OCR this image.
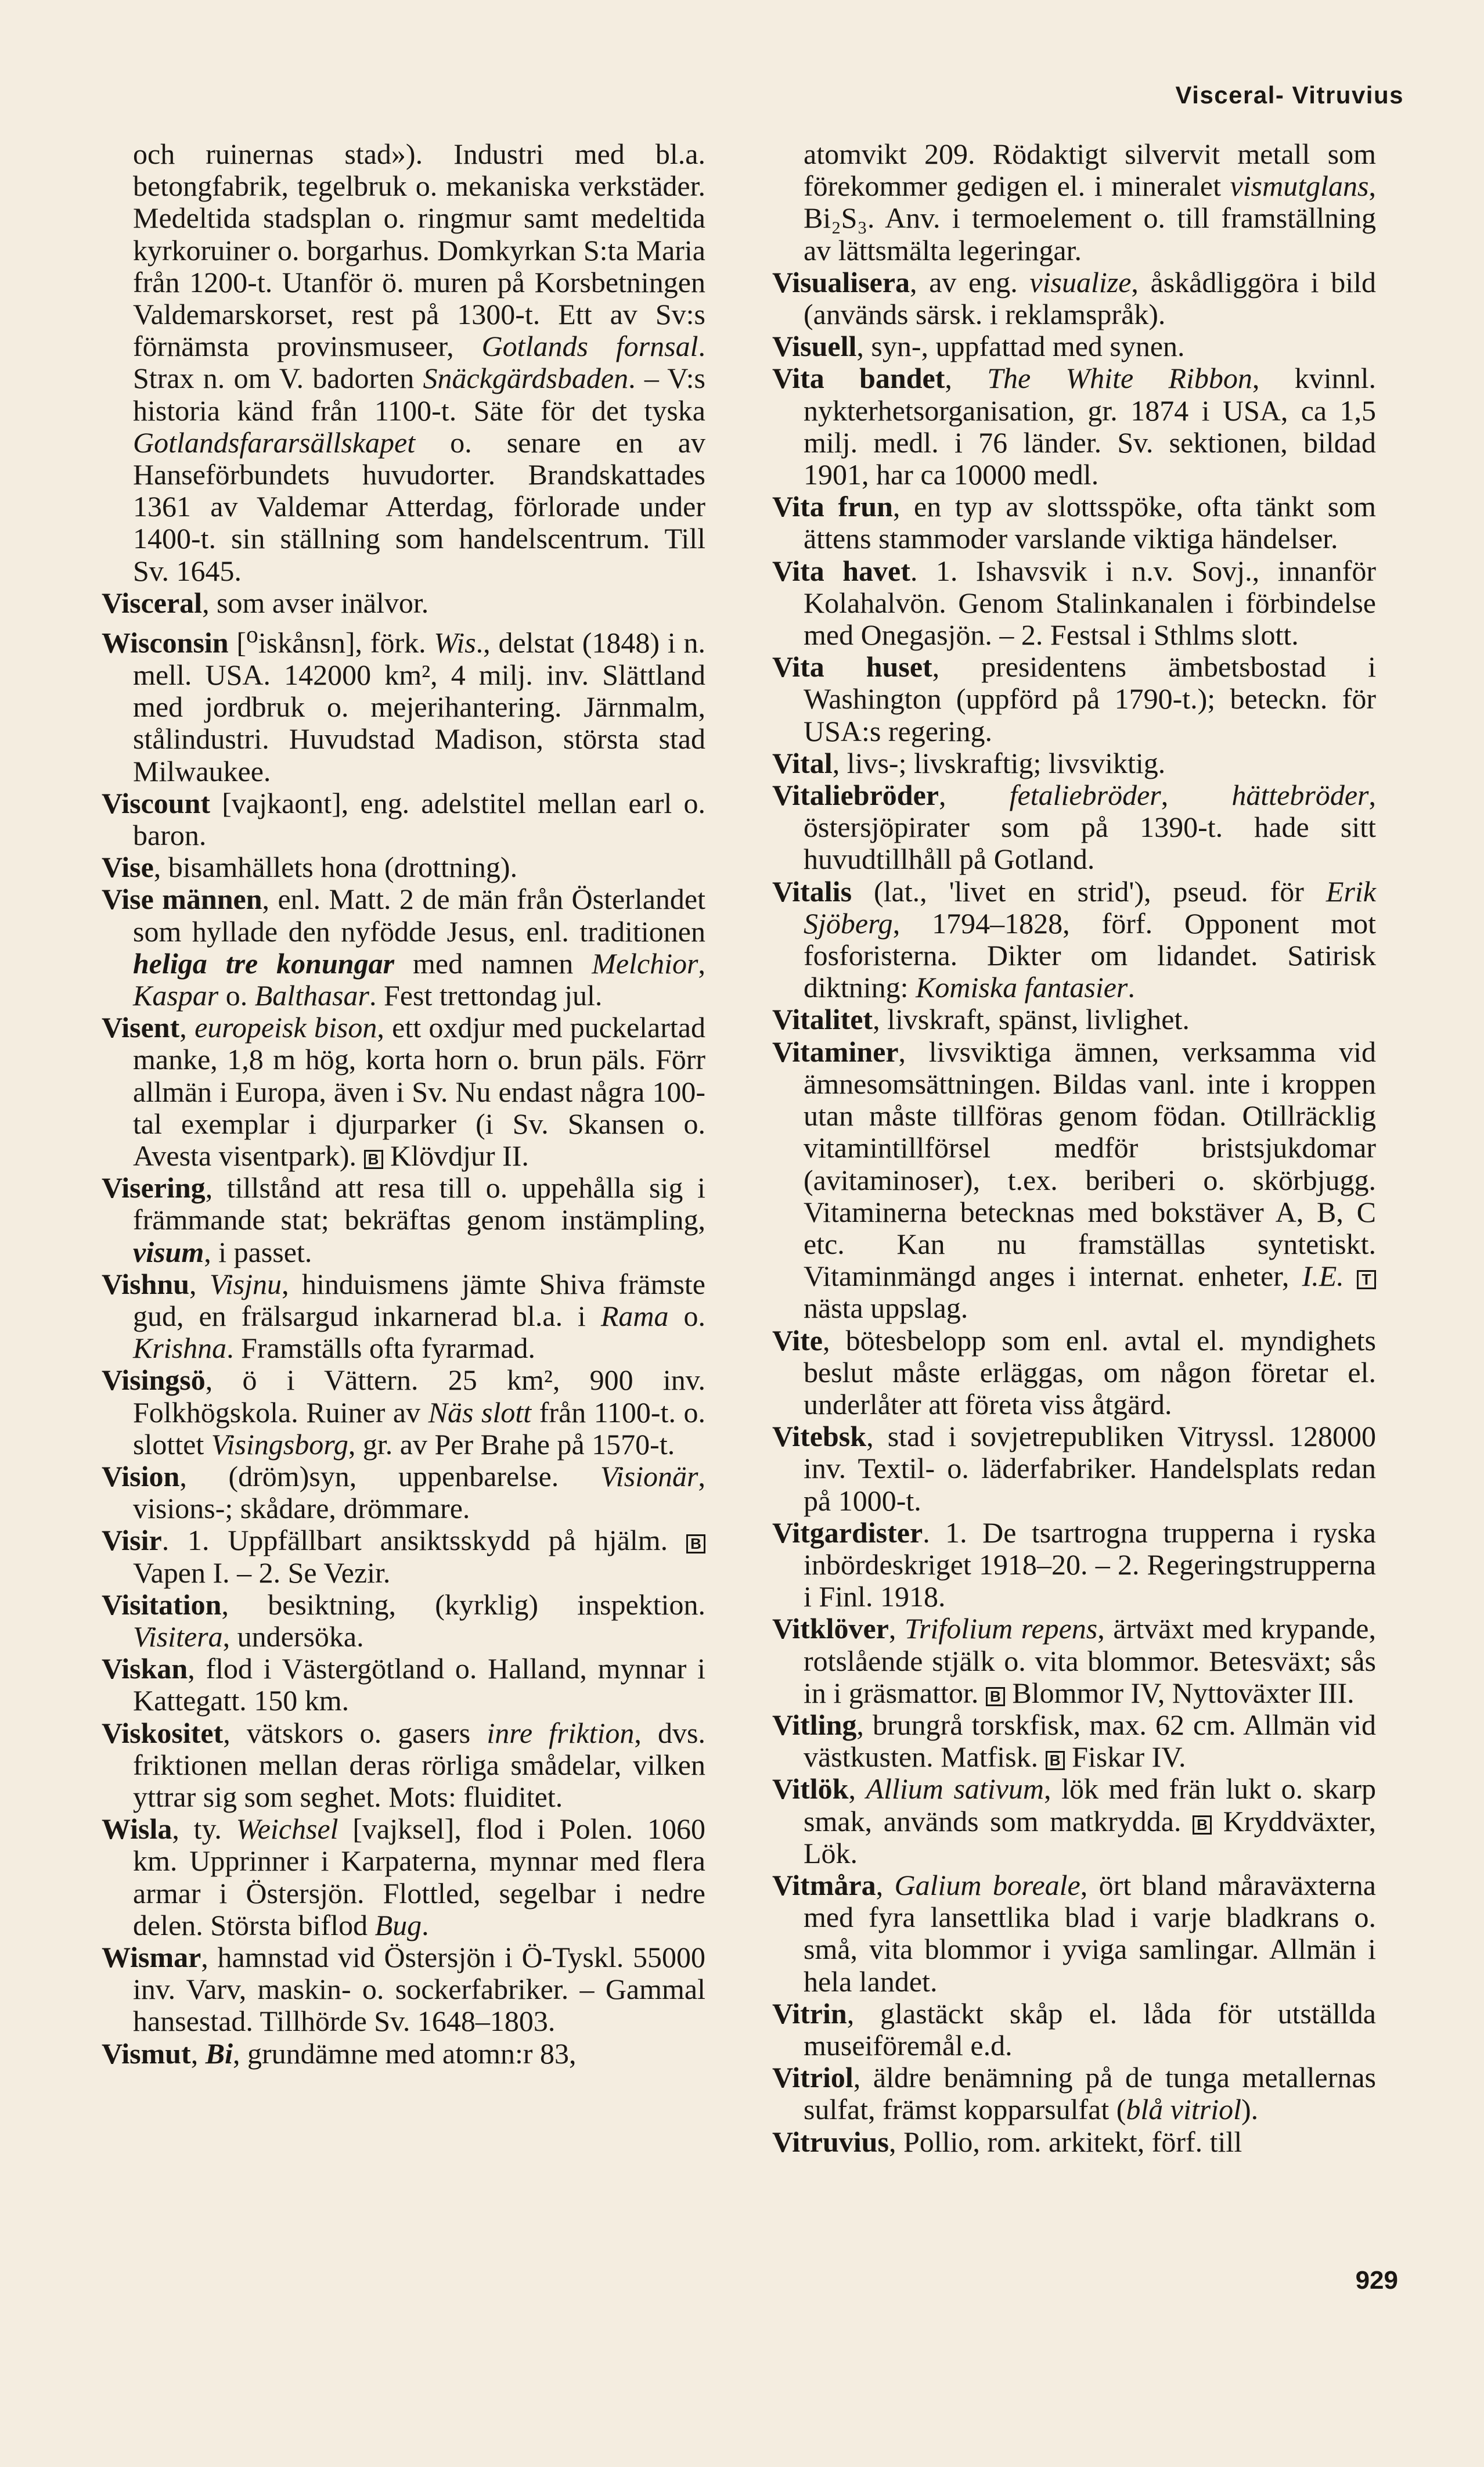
Visceral- Vitruvius

och ruinernas stad»). Industri med bl.a. betongfabrik, tegelbruk o. mekaniska verkstäder. Medeltida stadsplan o. ringmur samt medeltida kyrkoruiner o. borgarhus. Domkyrkan S:ta Maria från 1200-t. Utanför ö. muren på Korsbetningen Valdemarskorset, rest på 1300-t. Ett av Sv:s förnämsta provinsmuseer, Gotlands fornsal. Strax n. om V. badorten Snäckgärdsbaden. – V:s historia känd från 1100-t. Säte för det tyska Gotlandsfararsällskapet o. senare en av Hanseförbundets huvudorter. Brandskattades 1361 av Valdemar Atterdag, förlorade under 1400-t. sin ställning som handelscentrum. Till Sv. 1645.

Visceral, som avser inälvor.

Wisconsin [$^o$iskånsn], förk. Wis., delstat (1848) i n. mell. USA. 142000 km², 4 milj. inv. Slättland med jordbruk o. mejerihantering. Järnmalm, stålindustri. Huvudstad Madison, största stad Milwaukee.

Viscount [vajkaont], eng. adelstitel mellan earl o. baron.

Vise, bisamhällets hona (drottning).

Vise männen, enl. Matt. 2 de män från Österlandet som hyllade den nyfödde Jesus, enl. traditionen heliga tre konungar med namnen Melchior, Kaspar o. Balthasar. Fest trettondag jul.

Visent, europeisk bison, ett oxdjur med puckelartad manke, 1,8 m hög, korta horn o. brun päls. Förr allmän i Europa, även i Sv. Nu endast några 100-tal exemplar i djurparker (i Sv. Skansen o. Avesta visentpark). B Klövdjur II.

Visering, tillstånd att resa till o. uppehålla sig i främmande stat; bekräftas genom instämpling, visum, i passet.

Vishnu, Visjnu, hinduismens jämte Shiva främste gud, en frälsargud inkarnerad bl.a. i Rama o. Krishna. Framställs ofta fyrarmad.

Visingsö, ö i Vättern. 25 km², 900 inv. Folkhögskola. Ruiner av Näs slott från 1100-t. o. slottet Visingsborg, gr. av Per Brahe på 1570-t.

Vision, (dröm)syn, uppenbarelse. Visionär, visions-; skådare, drömmare.

Visir. 1. Uppfällbart ansiktsskydd på hjälm. B Vapen I. – 2. Se Vezir.

Visitation, besiktning, (kyrklig) inspektion. Visitera, undersöka.

Viskan, flod i Västergötland o. Halland, mynnar i Kattegatt. 150 km.

Viskositet, vätskors o. gasers inre friktion, dvs. friktionen mellan deras rörliga smådelar, vilken yttrar sig som seghet. Mots: fluiditet.

Wisla, ty. Weichsel [vajksel], flod i Polen. 1060 km. Upprinner i Karpaterna, mynnar med flera armar i Östersjön. Flottled, segelbar i nedre delen. Största biflod Bug.

Wismar, hamnstad vid Östersjön i Ö-Tyskl. 55000 inv. Varv, maskin- o. sockerfabriker. – Gammal hansestad. Tillhörde Sv. 1648–1803.

Vismut, Bi, grundämne med atomn:r 83,

atomvikt 209. Rödaktigt silvervit metall som förekommer gedigen el. i mineralet vismutglans, Bi₂S₃. Anv. i termoelement o. till framställning av lättsmälta legeringar.

Visualisera, av eng. visualize, åskådliggöra i bild (används särsk. i reklamspråk).

Visuell, syn-, uppfattad med synen.

Vita bandet, The White Ribbon, kvinnl. nykterhetsorganisation, gr. 1874 i USA, ca 1,5 milj. medl. i 76 länder. Sv. sektionen, bildad 1901, har ca 10000 medl.

Vita frun, en typ av slottsspöke, ofta tänkt som ättens stammoder varslande viktiga händelser.

Vita havet. 1. Ishavsvik i n.v. Sovj., innanför Kolahalvön. Genom Stalinkanalen i förbindelse med Onegasjön. – 2. Festsal i Sthlms slott.

Vita huset, presidentens ämbetsbostad i Washington (uppförd på 1790-t.); beteckn. för USA:s regering.

Vital, livs-; livskraftig; livsviktig.

Vitaliebröder, fetaliebröder, hättebröder, östersjöpirater som på 1390-t. hade sitt huvudtillhåll på Gotland.

Vitalis (lat., 'livet en strid'), pseud. för Erik Sjöberg, 1794–1828, förf. Opponent mot fosforisterna. Dikter om lidandet. Satirisk diktning: Komiska fantasier.

Vitalitet, livskraft, spänst, livlighet.

Vitaminer, livsviktiga ämnen, verksamma vid ämnesomsättningen. Bildas vanl. inte i kroppen utan måste tillföras genom födan. Otillräcklig vitamintillförsel medför bristsjukdomar (avitaminoser), t.ex. beriberi o. skörbjugg. Vitaminerna betecknas med bokstäver A, B, C etc. Kan nu framställas syntetiskt. Vitaminmängd anges i internat. enheter, I.E. T nästa uppslag.

Vite, bötesbelopp som enl. avtal el. myndighets beslut måste erläggas, om någon företar el. underlåter att företa viss åtgärd.

Vitebsk, stad i sovjetrepubliken Vitryssl. 128000 inv. Textil- o. läderfabriker. Handelsplats redan på 1000-t.

Vitgardister. 1. De tsartrogna trupperna i ryska inbördeskriget 1918–20. – 2. Regeringstrupperna i Finl. 1918.

Vitklöver, Trifolium repens, ärtväxt med krypande, rotslående stjälk o. vita blommor. Betesväxt; sås in i gräsmattor. B Blommor IV, Nyttoväxter III.

Vitling, brungrå torskfisk, max. 62 cm. Allmän vid västkusten. Matfisk. B Fiskar IV.

Vitlök, Allium sativum, lök med frän lukt o. skarp smak, används som matkrydda. B Kryddväxter, Lök.

Vitmåra, Galium boreale, ört bland måraväxterna med fyra lansettlika blad i varje bladkrans o. små, vita blommor i yviga samlingar. Allmän i hela landet.

Vitrin, glastäckt skåp el. låda för utställda museiföremål e.d.

Vitriol, äldre benämning på de tunga metallernas sulfat, främst kopparsulfat (blå vitriol).

Vitruvius, Pollio, rom. arkitekt, förf. till

929
